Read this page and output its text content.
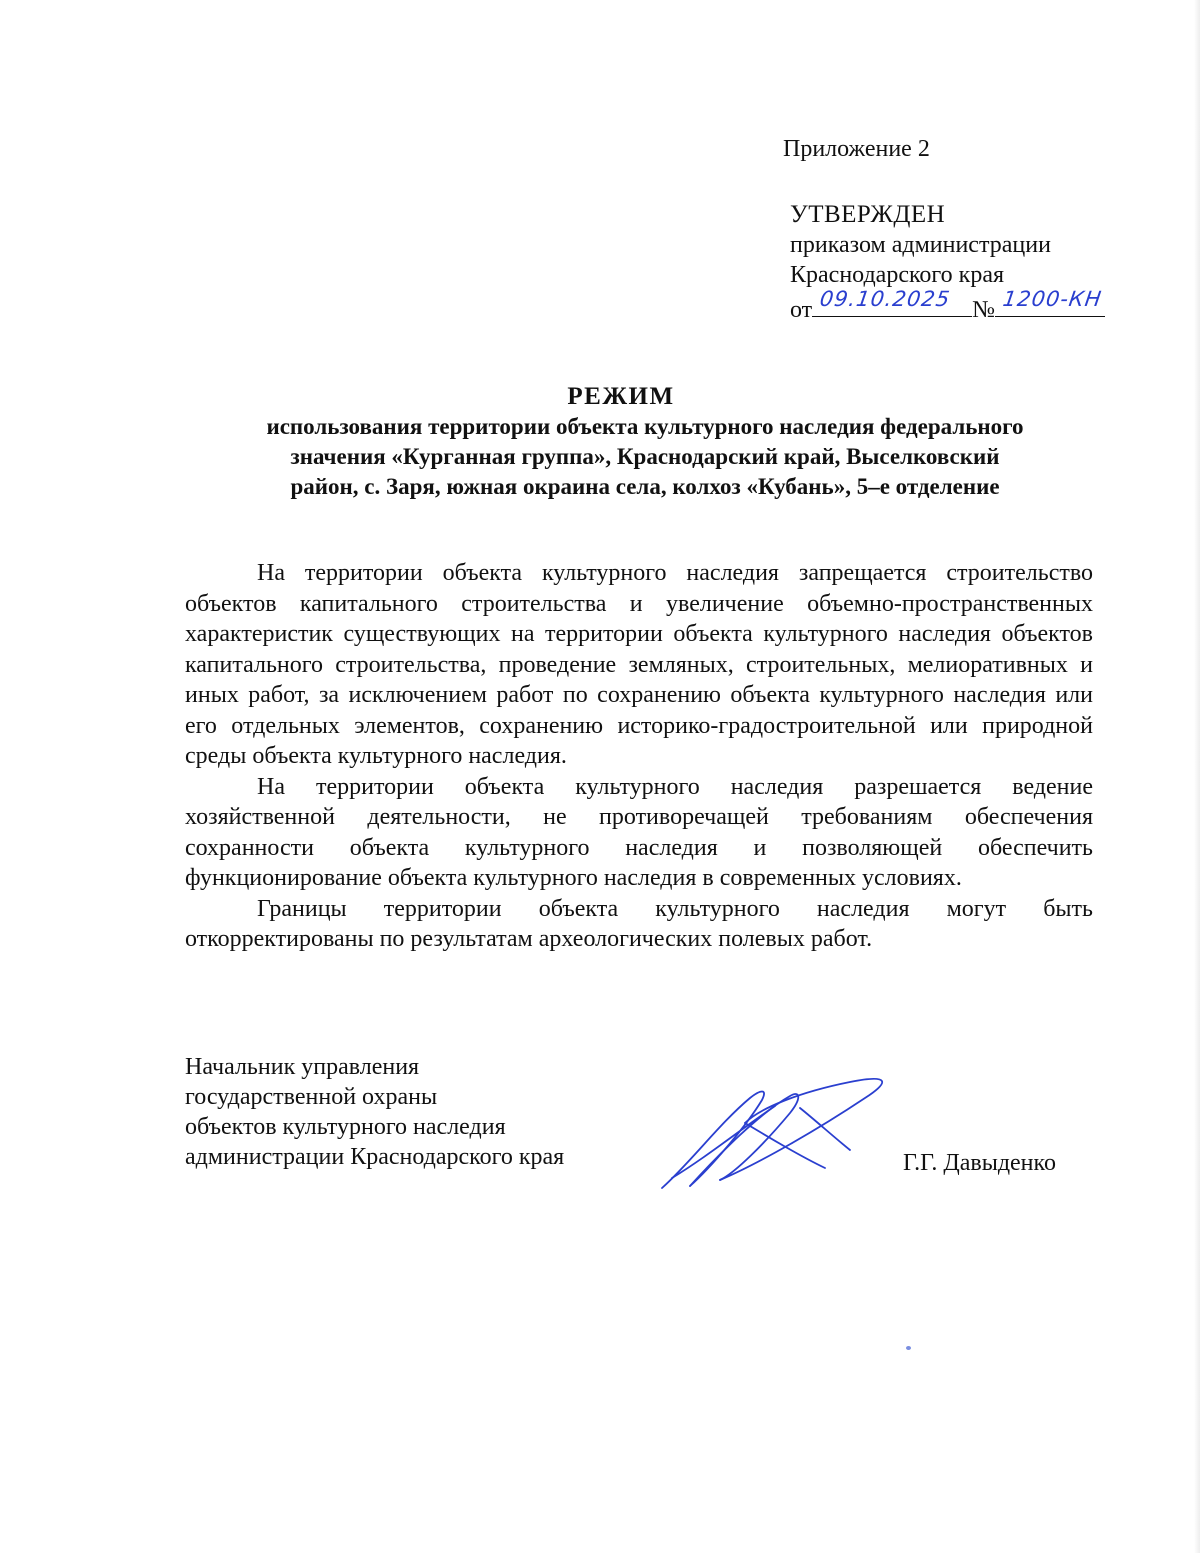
Приложение 2
УТВЕРЖДЕН
приказом администрации
Краснодарского края
от 09.10.2025 № 1200-КН
РЕЖИМ
использования территории объекта культурного наследия федерального
значения «Курганная группа», Краснодарский край, Выселковский
район, с. Заря, южная окраина села, колхоз «Кубань», 5–е отделение

На территории объекта культурного наследия запрещается строительство объектов капитального строительства и увеличение объемно-пространственных характеристик существующих на территории объекта культурного наследия объектов капитального строительства, проведение земляных, строительных, мелиоративных и иных работ, за исключением работ по сохранению объекта культурного наследия или его отдельных элементов, сохранению историко-градостроительной или природной среды объекта культурного наследия.

На территории объекта культурного наследия разрешается ведение хозяйственной деятельности, не противоречащей требованиям обеспечения сохранности объекта культурного наследия и позволяющей обеспечить функционирование объекта культурного наследия в современных условиях.

Границы территории объекта культурного наследия могут быть откорректированы по результатам археологических полевых работ.

Начальник управления
государственной охраны
объектов культурного наследия
администрации Краснодарского края	Г.Г. Давыденко
